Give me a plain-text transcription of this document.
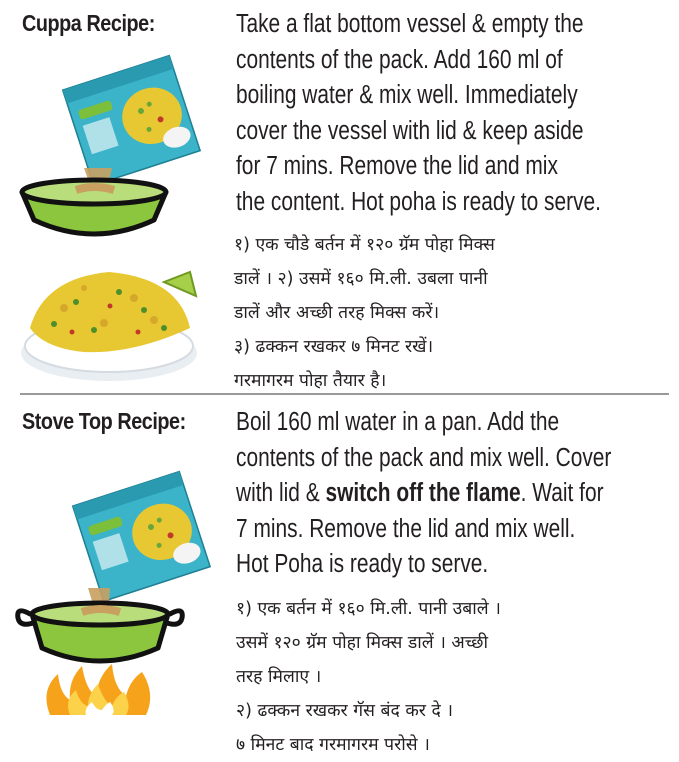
Cuppa Recipe:	Take a flat bottom vessel & empty the
contents of the pack. Add 160 ml of
boiling water & mix well. Immediately
cover the vessel with lid & keep aside
for 7 mins. Remove the lid and mix
the content. Hot poha is ready to serve.
१) एक चौडे बर्तन में १२० ग्रॅम पोहा मिक्स
डालें । २) उसमें १६० मि.ली. उबला पानी
डालें और अच्छी तरह मिक्स करें।
३) ढक्कन रखकर ७ मिनट रखें।
गरमागरम पोहा तैयार है।
Stove Top Recipe: Boil 160 ml water in a pan. Add the
contents of the pack and mix well. Cover
with lid & switch off the flame. Wait for
7 mins. Remove the lid and mix well.
Hot Poha is ready to serve.
१) एक बर्तन में १६० मि.ली. पानी उबाले ।
उसमें १२० ग्रॅम पोहा मिक्स डालें । अच्छी
तरह मिलाए ।
२) ढक्कन रखकर गॅस बंद कर दे ।
७ मिनट बाद गरमागरम परोसे ।
